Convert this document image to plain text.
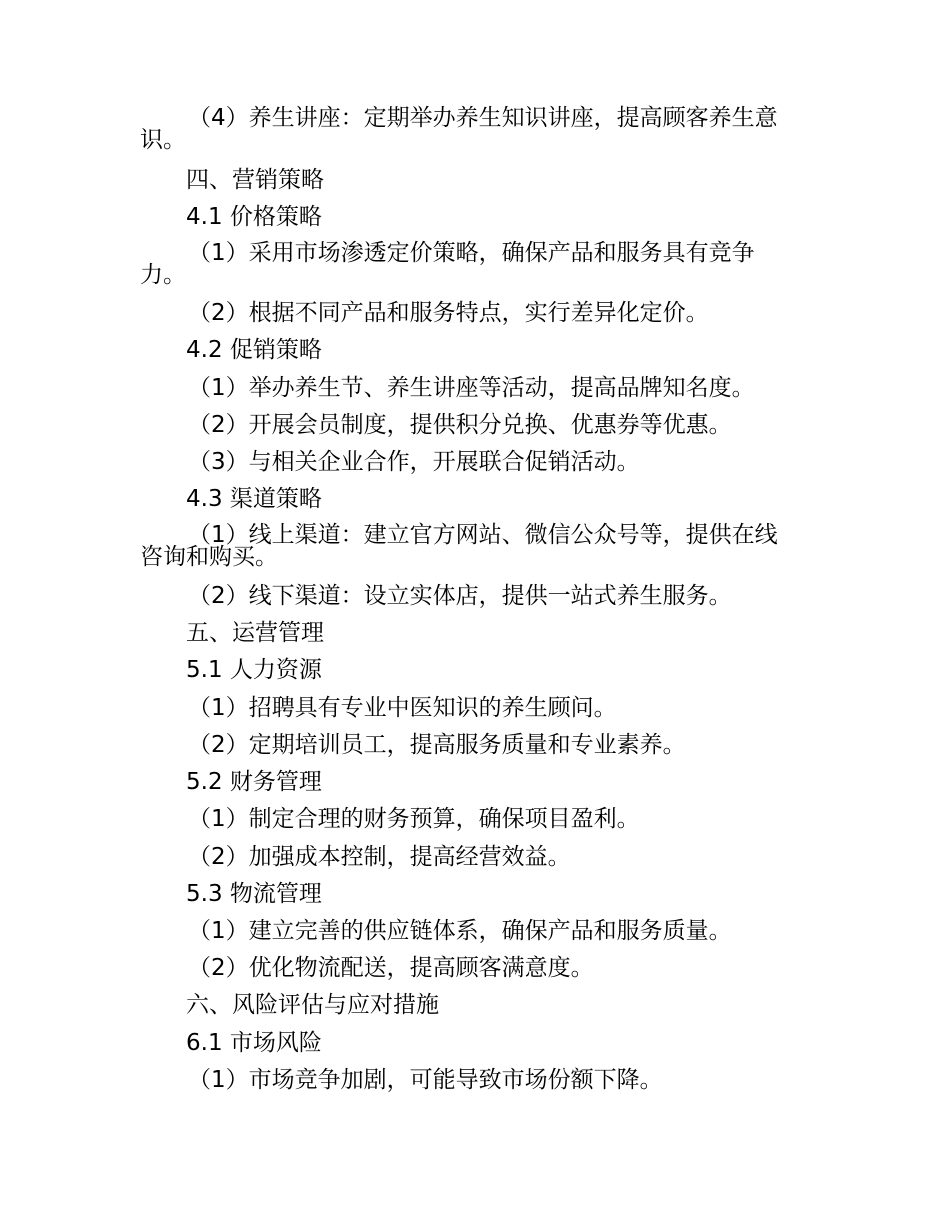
（4）养生讲座：定期举办养生知识讲座，提高顾客养生意识。
四、营销策略
4.1 价格策略
（1）采用市场渗透定价策略，确保产品和服务具有竞争力。
（2）根据不同产品和服务特点，实行差异化定价。
4.2 促销策略
（1）举办养生节、养生讲座等活动，提高品牌知名度。
（2）开展会员制度，提供积分兑换、优惠券等优惠。
（3）与相关企业合作，开展联合促销活动。
4.3 渠道策略
（1）线上渠道：建立官方网站、微信公众号等，提供在线咨询和购买。
（2）线下渠道：设立实体店，提供一站式养生服务。
五、运营管理
5.1 人力资源
（1）招聘具有专业中医知识的养生顾问。
（2）定期培训员工，提高服务质量和专业素养。
5.2 财务管理
（1）制定合理的财务预算，确保项目盈利。
（2）加强成本控制，提高经营效益。
5.3 物流管理
（1）建立完善的供应链体系，确保产品和服务质量。
（2）优化物流配送，提高顾客满意度。
六、风险评估与应对措施
6.1 市场风险
（1）市场竞争加剧，可能导致市场份额下降。
